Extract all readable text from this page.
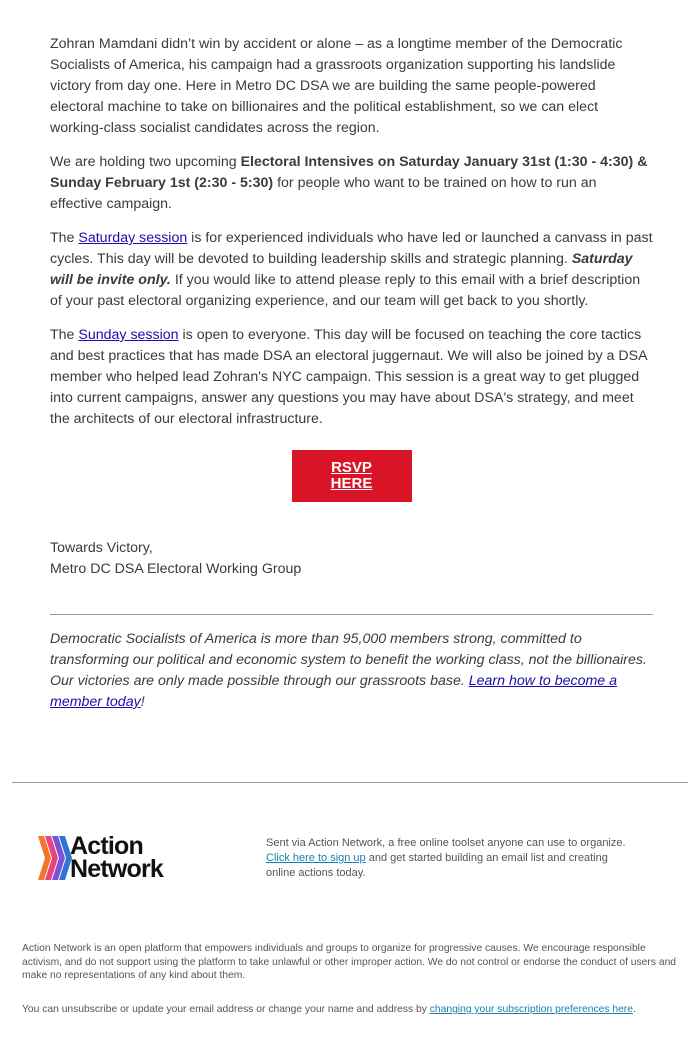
Zohran Mamdani didn’t win by accident or alone – as a longtime member of the Democratic Socialists of America, his campaign had a grassroots organization supporting his landslide victory from day one. Here in Metro DC DSA we are building the same people-powered electoral machine to take on billionaires and the political establishment, so we can elect working-class socialist candidates across the region.

We are holding two upcoming Electoral Intensives on Saturday January 31st (1:30 - 4:30) & Sunday February 1st (2:30 - 5:30) for people who want to be trained on how to run an effective campaign.

The Saturday session is for experienced individuals who have led or launched a canvass in past cycles. This day will be devoted to building leadership skills and strategic planning. Saturday will be invite only. If you would like to attend please reply to this email with a brief description of your past electoral organizing experience, and our team will get back to you shortly.

The Sunday session is open to everyone. This day will be focused on teaching the core tactics and best practices that has made DSA an electoral juggernaut. We will also be joined by a DSA member who helped lead Zohran's NYC campaign. This session is a great way to get plugged into current campaigns, answer any questions you may have about DSA's strategy, and meet the architects of our electoral infrastructure.

RSVP
HERE
Towards Victory,
Metro DC DSA Electoral Working Group
Democratic Socialists of America is more than 95,000 members strong, committed to transforming our political and economic system to benefit the working class, not the billionaires. Our victories are only made possible through our grassroots base. Learn how to become a member today!
Action
Network
Sent via Action Network, a free online toolset anyone can use to organize.
Click here to sign up and get started building an email list and creating online actions today.
Action Network is an open platform that empowers individuals and groups to organize for progressive causes. We encourage responsible activism, and do not support using the platform to take unlawful or other improper action. We do not control or endorse the conduct of users and make no representations of any kind about them.
You can unsubscribe or update your email address or change your name and address by changing your subscription preferences here.
